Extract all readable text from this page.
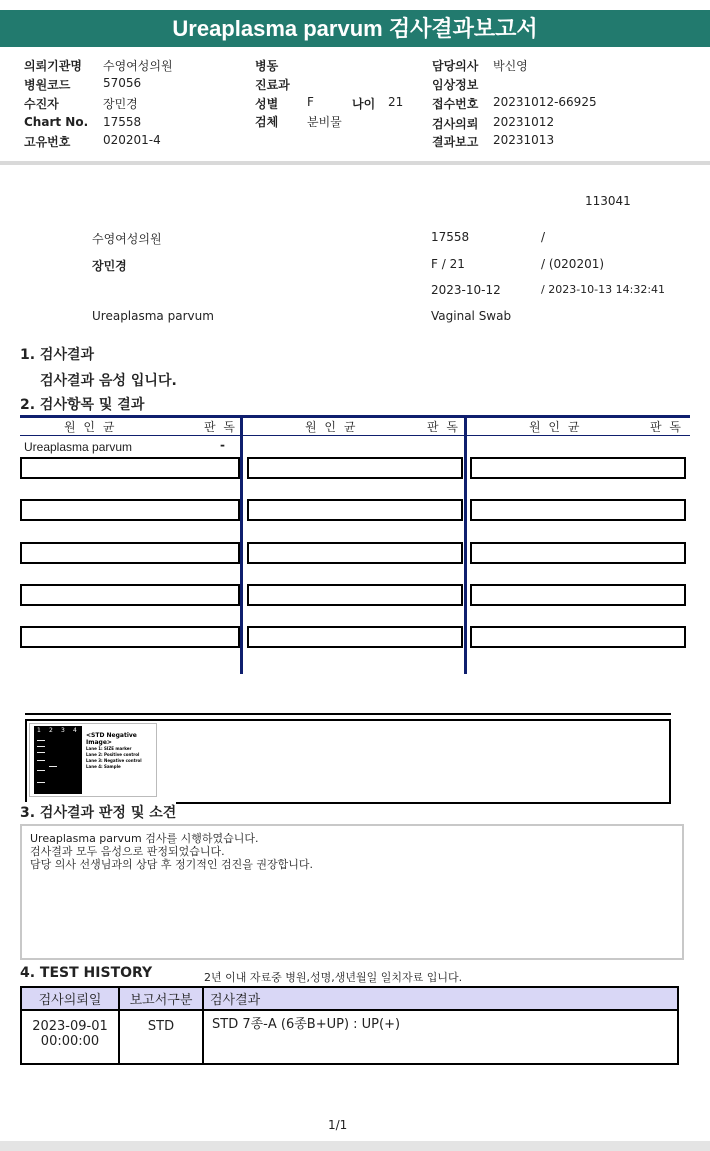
Ureaplasma parvum 검사결과보고서
의뢰기관명 수영여성의원
병원코드	57056
수진자	장민경
Chart No. 17558
고유번호	020201-4
병동
진료과
성별 F	나이 21
검체 분비물
담당의사 박신영
임상정보
접수번호 20231012-66925
검사의뢰 20231012
결과보고 20231013
113041
수영여성의원	17558	/
장민경	F / 21	/ (020201)
2023-10-12	/ 2023-10-13 14:32:41
Ureaplasma parvum	Vaginal Swab
1. 검사결과
검사결과 음성 입니다.
2. 검사항목 및 결과
원 인 균	판 독	원 인 균	판 독	원 인 균	판 독
Ureaplasma parvum	-
1 2 3 4
<STD Negative Image>
Lane 1: SIZE marker
Lane 2: Positive control
Lane 3: Negative control
Lane 4: Sample
3. 검사결과 판정 및 소견
Ureaplasma parvum 검사를 시행하였습니다.
검사결과 모두 음성으로 판정되었습니다.
담당 의사 선생님과의 상담 후 정기적인 검진을 권장합니다.
4. TEST HISTORY	2년 이내 자료중 병원,성명,생년월일 일치자료 입니다.
검사의뢰일	보고서구분	검사결과

2023-09-01
00:00:00	STD	STD 7종-A (6종B+UP) : UP(+)
1/1
